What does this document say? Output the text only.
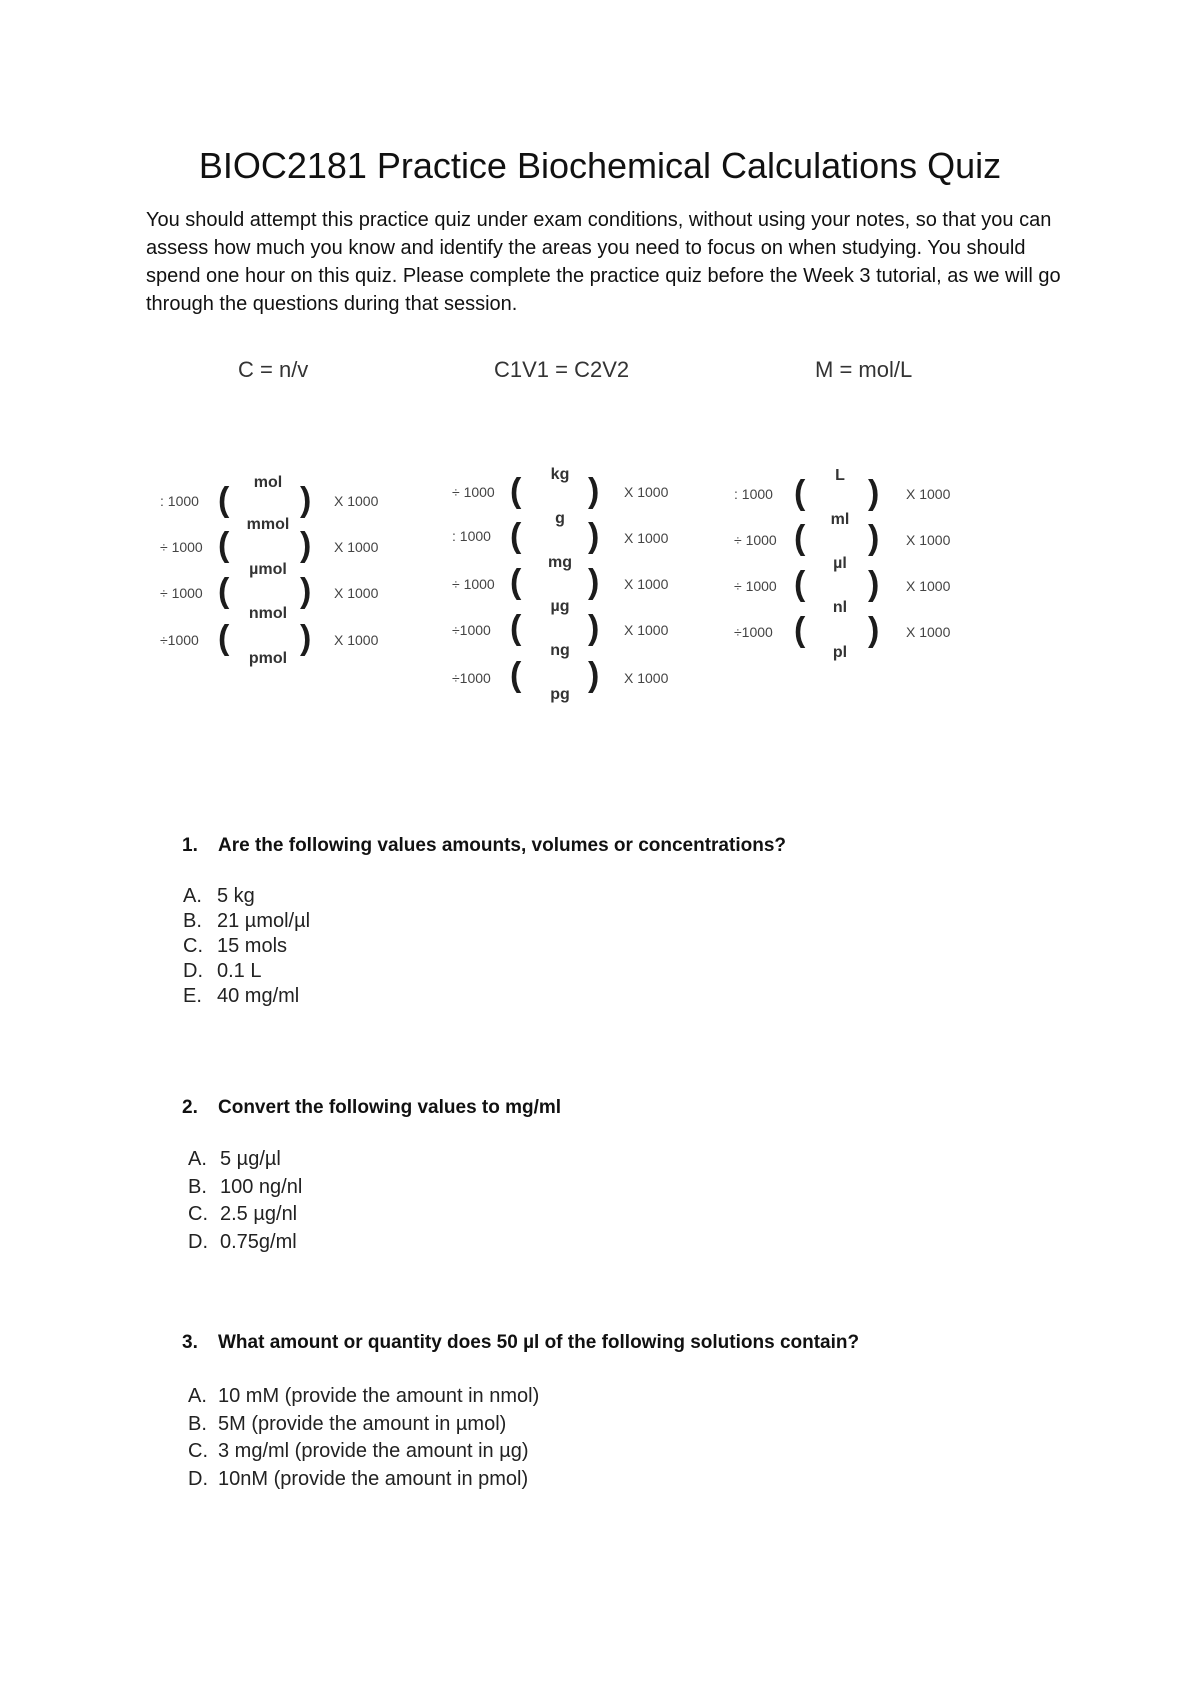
BIOC2181 Practice Biochemical Calculations Quiz

You should attempt this practice quiz under exam conditions, without using your notes, so that you can assess how much you know and identify the areas you need to focus on when studying. You should spend one hour on this quiz. Please complete the practice quiz before the Week 3 tutorial, as we will go through the questions during that session.

C = n/v	C1V1 = C2V2	M = mol/L
mol
mmol
µmol
nmol
pmol
: 1000
÷ 1000
÷ 1000
÷1000
X 1000
X 1000
X 1000
X 1000
(
(
(
(
)
)
)
)
kg
g
mg
µg
ng
pg
÷ 1000
: 1000
÷ 1000
÷1000
÷1000
X 1000
X 1000
X 1000
X 1000
X 1000
(
(
(
(
(
)
)
)
)
)
L
ml
µl
nl
pl
: 1000
÷ 1000
÷ 1000
÷1000
X 1000
X 1000
X 1000
X 1000
(
(
(
(
)
)
)
)

1. Are the following values amounts, volumes or concentrations?

A. 5 kg
B. 21 µmol/µl
C. 15 mols
D. 0.1 L
E. 40 mg/ml

2. Convert the following values to mg/ml

A. 5 µg/µl
B. 100 ng/nl
C. 2.5 µg/nl
D. 0.75g/ml

3. What amount or quantity does 50 µl of the following solutions contain?

A. 10 mM (provide the amount in nmol)
B. 5M (provide the amount in µmol)
C. 3 mg/ml (provide the amount in µg)
D. 10nM (provide the amount in pmol)
